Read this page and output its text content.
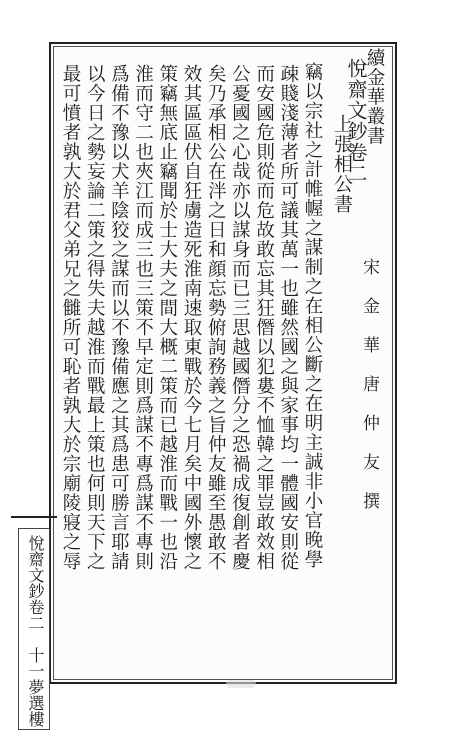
續金華叢書
悅齋文鈔卷二
上張相公書
宋金華唐仲友撰
竊以宗社之計帷幄之謀制之在相公斷之在明主誠非小官晚學
疎賤淺薄者所可議其萬一也雖然國之與家事均一體國安則從
而安國危則從而危故敢忘其狂僭以犯婁不恤韓之罪豈敢效相
公憂國之心哉亦以謀身而已三思越國僭分之恐禍成復創者慶
矣乃承相公在泮之日和顔忘勢俯詢務義之旨仲友雖至愚敢不
效其區區伏自狂虜造死淮南速取東戰於今七月矣中國外懷之
策竊無底止竊聞於士大夫之間大概二策而已越淮而戰一也沿
淮而守二也夾江而成三也三策不早定則爲謀不專爲謀不專則
爲備不豫以犬羊陰狡之謀而以不豫備應之其爲患可勝言耶請
以今日之勢妄論二策之得失夫越淮而戰最上策也何則天下之
最可憤者孰大於君父弟兄之雠所可恥者孰大於宗廟陵寢之辱
悅齋文鈔卷二
十一
夢選樓
